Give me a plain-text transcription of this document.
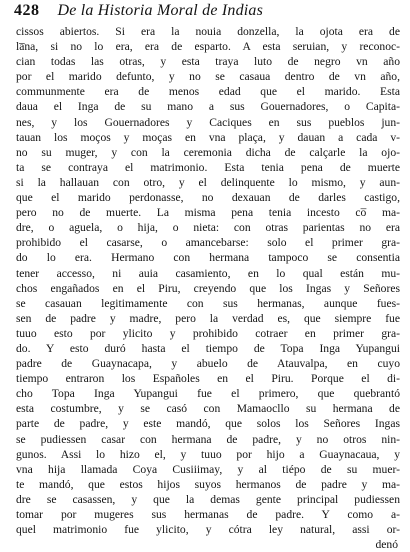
428 De la Historia Moral de Indias
cissos abiertos. Si era la nouia donzella, la ojota era de
la̅na, si no lo era, era de esparto. A esta seruian, y reconoc-
cian todas las otras, y esta traya luto de negro vn año
por el marido defunto, y no se casaua dentro de vn año,
communmente era de menos edad que el marido. Esta
daua el Inga de su mano a sus Gouernadores, o Capita-
nes, y los Gouernadores y Caciques en sus pueblos jun-
tauan los moços y moças en vna plaça, y dauan a cada v-
no su muger, y con la ceremonia dicha de calçarle la ojo-
ta se contraya el matrimonio. Esta tenia pena de muerte
si la hallauan con otro, y el delinquente lo mismo, y aun-
que el marido perdonasse, no dexauan de darles castigo,
pero no de muerte. La misma pena tenia incesto co̅ ma-
dre, o aguela, o hija, o nieta: con otras parientas no era
prohibido el casarse, o amancebarse: solo el primer gra-
do lo era. Hermano con hermana tampoco se consentia
tener accesso, ni auia casamiento, en lo qual están mu-
chos engañados en el Piru, creyendo que los Ingas y Señores
se casauan legitimamente con sus hermanas, aunque fues-
sen de padre y madre, pero la verdad es, que siempre fue
tuuo esto por ylicito y prohibido cotraer en primer gra-
do. Y esto duró hasta el tiempo de Topa Inga Yupangui
padre de Guaynacapa, y abuelo de Atauvalpa, en cuyo
tiempo entraron los Españoles en el Piru. Porque el di-
cho Topa Inga Yupangui fue el primero, que quebrantó
esta costumbre, y se casó con Mamaocllo su hermana de
parte de padre, y este mandó, que solos los Señores Ingas
se pudiessen casar con hermana de padre, y no otros nin-
gunos. Assi lo hizo el, y tuuo por hijo a Guaynacaua, y
vna hija llamada Coya Cusiiimay, y al tiépo de su muer-
te mandó, que estos hijos suyos hermanos de padre y ma-
dre se casassen, y que la demas gente principal pudiessen
tomar por mugeres sus hermanas de padre. Y como a-
quel matrimonio fue ylicito, y cótra ley natural, assi or-
denó
